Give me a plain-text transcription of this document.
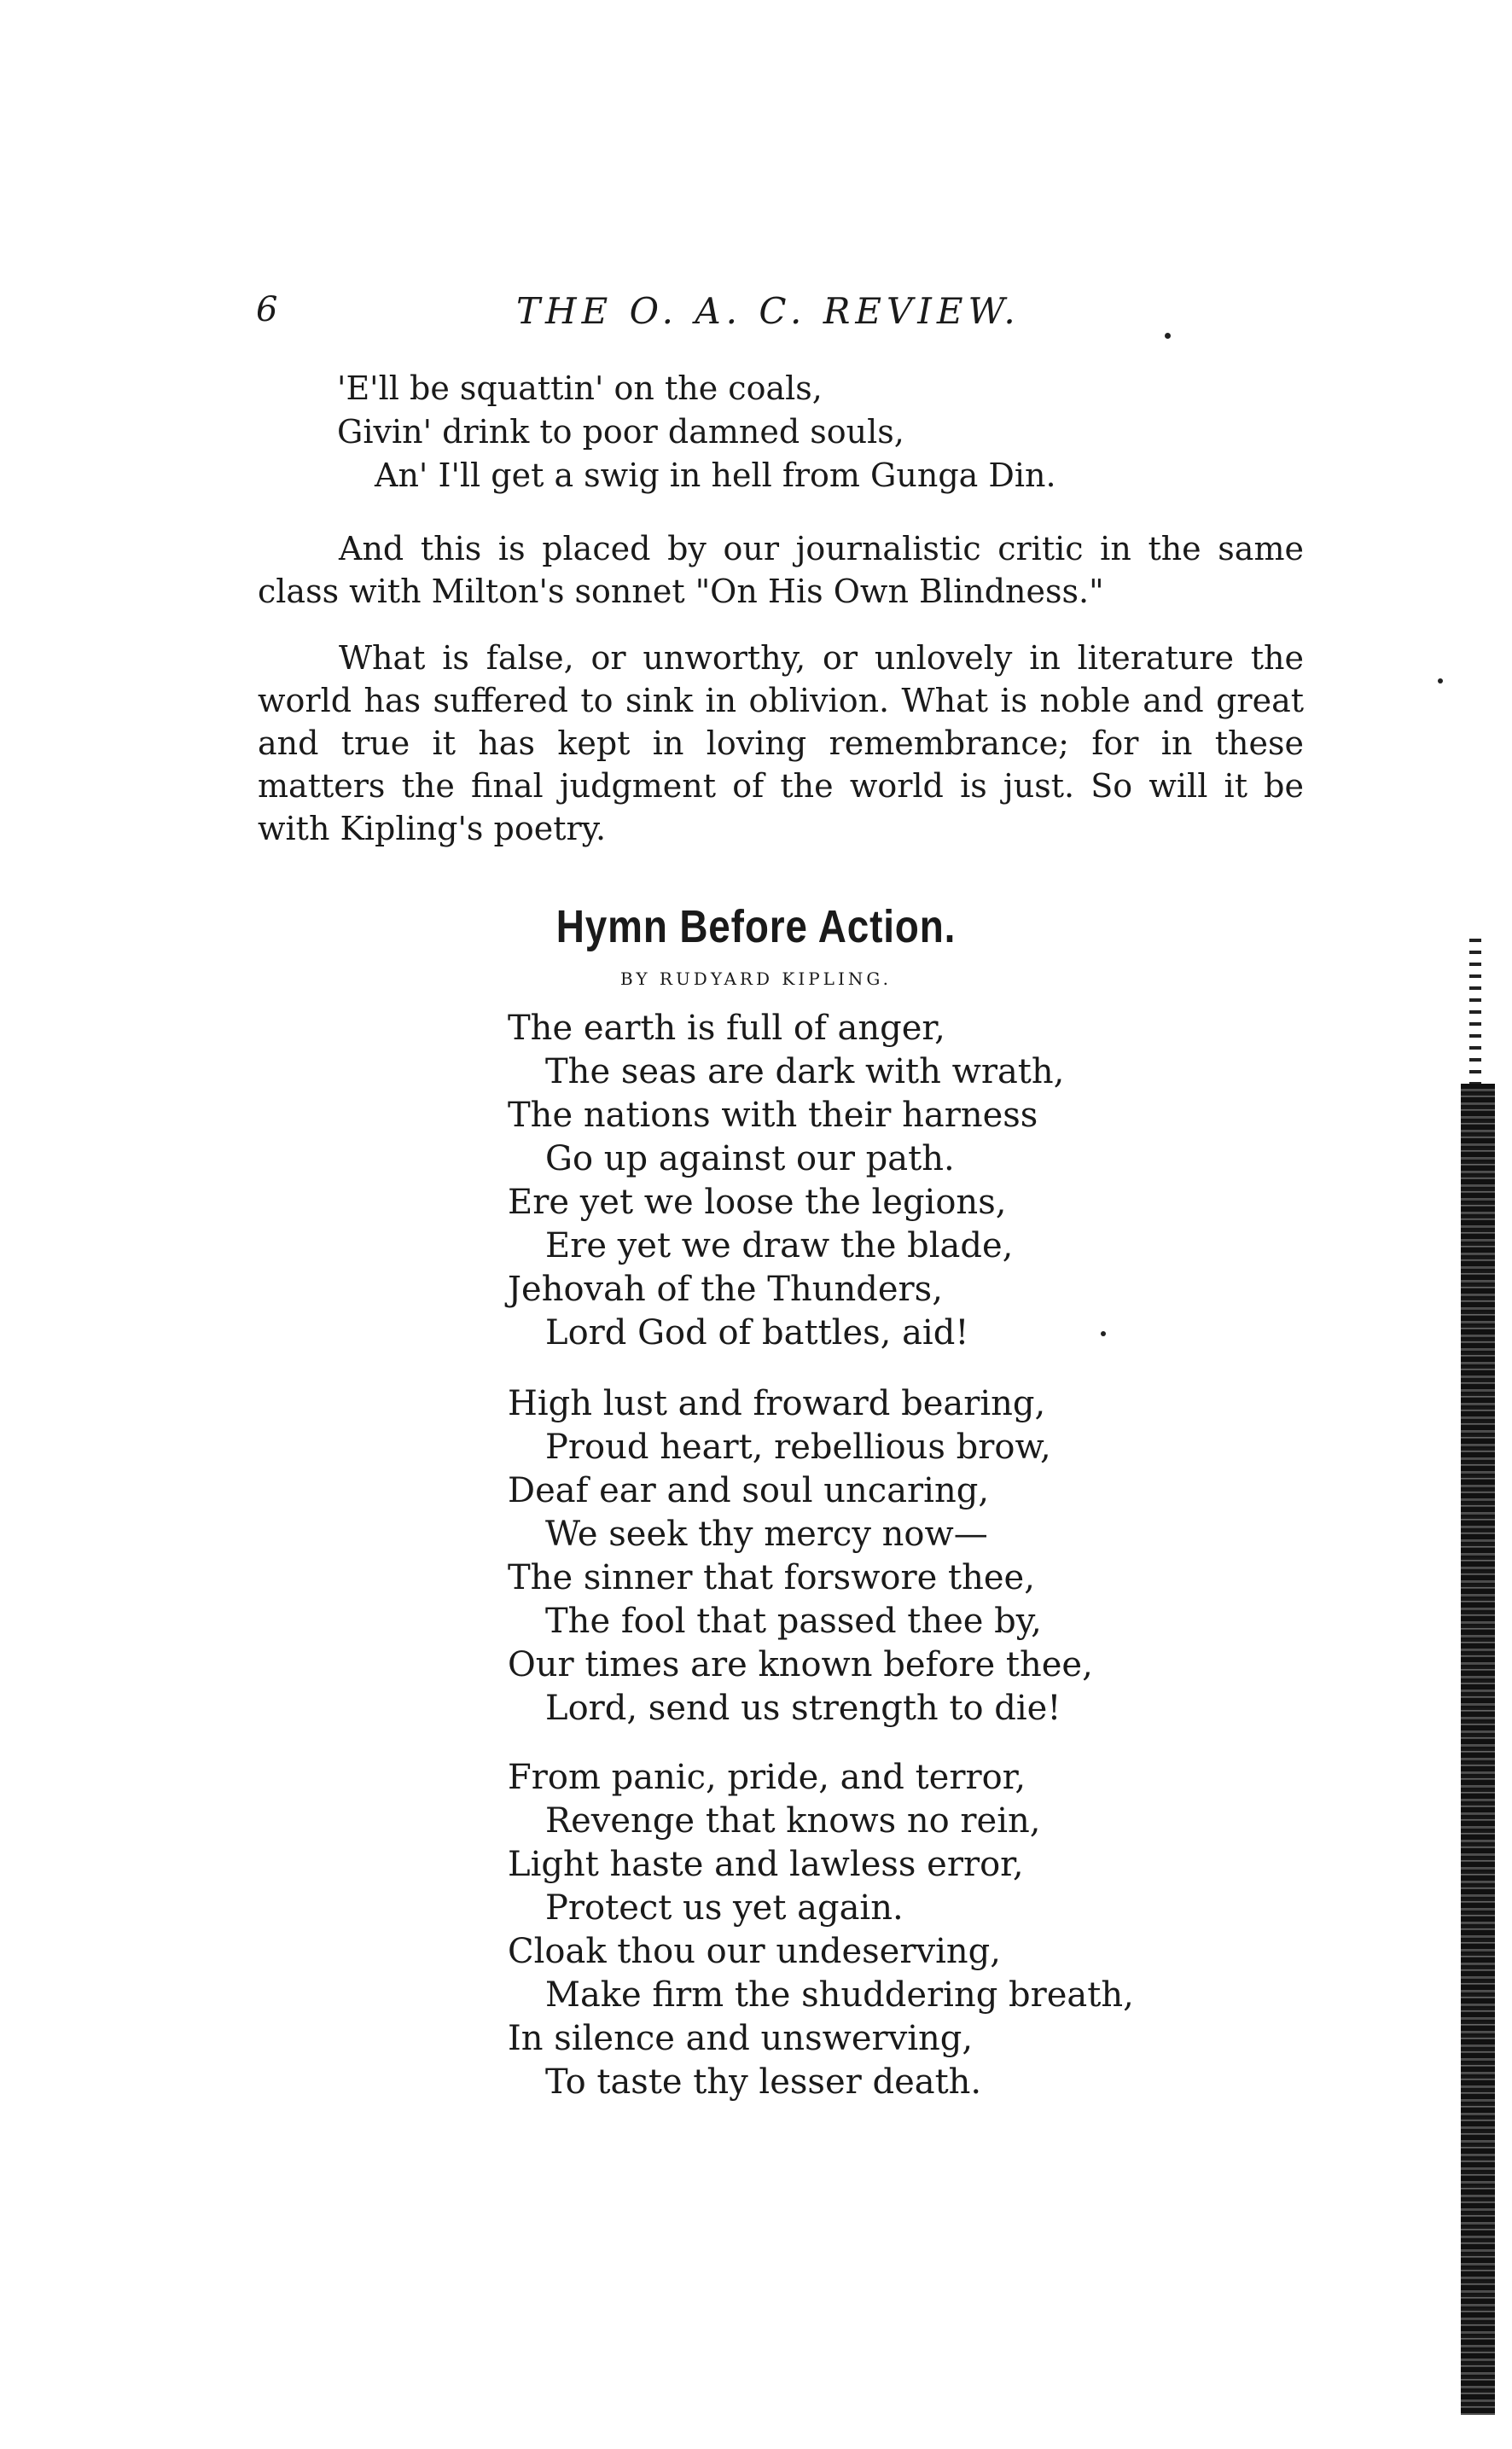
6	THE O. A. C. REVIEW.
'E'll be squattin' on the coals,
Givin' drink to poor damned souls,
An' I'll get a swig in hell from Gunga Din.

And this is placed by our journalistic critic in the same class with Milton's sonnet "On His Own Blindness."

What is false, or unworthy, or unlovely in literature the world has suffered to sink in oblivion. What is noble and great and true it has kept in loving remembrance; for in these matters the final judgment of the world is just. So will it be with Kipling's poetry.

Hymn Before Action.
BY RUDYARD KIPLING.
The earth is full of anger,
The seas are dark with wrath,
The nations with their harness
Go up against our path.
Ere yet we loose the legions,
Ere yet we draw the blade,
Jehovah of the Thunders,
Lord God of battles, aid!
High lust and froward bearing,
Proud heart, rebellious brow,
Deaf ear and soul uncaring,
We seek thy mercy now—
The sinner that forswore thee,
The fool that passed thee by,
Our times are known before thee,
Lord, send us strength to die!
From panic, pride, and terror,
Revenge that knows no rein,
Light haste and lawless error,
Protect us yet again.
Cloak thou our undeserving,
Make firm the shuddering breath,
In silence and unswerving,
To taste thy lesser death.
